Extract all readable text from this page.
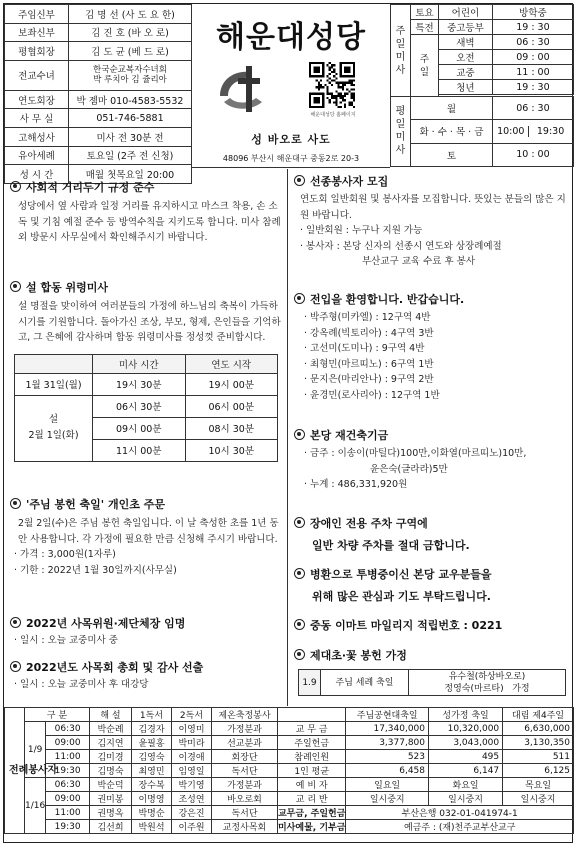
주임신부	김 명 선 (사 도 요 한)
보좌신부	김 진 호 (바 오 로)
평협회장	김 도 균 (베 드 로)
전교수녀	한국순교복자수녀회
박 루치아 김 쥴리아

연도회장	박 젬마 010-4583-5532
사 무 실	051-746-5881
고해성사	미사 전 30분 전
유아세례	토요일 (2주 전 신청)
성 시 간	매월 첫목요일 20:00
해운대성당
해운대성당 홈페이지
성 바오로 사도
48096 부산시 해운대구 중동2로 20-3
주일미사	토요	어린이	방학중
	특전	중고등부	19 : 30

	주일	새벽	06 : 30
		오전	09 : 00
		교중	11 : 00
		청년	19 : 30

평일미사	월		06 : 30
	화 · 수 · 목 · 금		10:00 19:30
	토		10 : 00
사회적 거리두기 규정 준수
성당에서 옆 사람과 일정 거리를 유지하시고 마스크 착용, 손 소독 및 기침 예절 준수 등 방역수칙을 지키도록 합니다. 미사 참례 외 방문시 사무실에서 확인해주시기 바랍니다.
설 합동 위령미사
설 명절을 맞이하여 여러분들의 가정에 하느님의 축복이 가득하시기를 기원합니다. 돌아가신 조상, 부모, 형제, 은인들을 기억하고, 그 은혜에 감사하며 합동 위령미사를 정성껏 준비합시다.
	미사 시간	연도 시작
1월 31일(월)	19시 30분	19시 00분

설
2월 1일(화)	06시 30분	06시 00분
	09시 00분	08시 30분
	11시 00분	10시 30분
'주님 봉헌 축일' 개인초 주문
2월 2일(수)은 주님 봉헌 축일입니다. 이 날 축성한 초를 1년 동안 사용합니다. 각 가정에 필요한 만큼 신청해 주시기 바랍니다.
· 가격 : 3,000원(1자루)
· 기한 : 2022년 1월 30일까지(사무실)
2022년 사목위원·제단체장 임명
· 일시 : 오늘 교중미사 중
2022년도 사목회 총회 및 감사 선출
· 일시 : 오늘 교중미사 후 대강당
선종봉사자 모집
연도회 일반회원 및 봉사자를 모집합니다. 뜻있는 분들의 많은 지원 바랍니다.
· 일반회원 : 누구나 지원 가능
· 봉사자 : 본당 신자의 선종시 연도와 상장례예절
부산교구 교육 수료 후 봉사
전입을 환영합니다. 반갑습니다.
· 박주형(미카엘) : 12구역 4반
· 강옥례(빅토리아) : 4구역 3반
· 고선미(도미나) : 9구역 4반
· 최형민(마르띠노) : 6구역 1반
· 문지은(마리안나) : 9구역 2반
· 윤경민(로사리아) : 12구역 1반
본당 재건축기금
· 금주 : 이송이(마틸다)100만,이화열(마르띠노)10만,
윤은숙(글라라)5만
· 누계 : 486,331,920원
장애인 전용 주차 구역에
일반 차량 주차를 절대 금합니다.
병환으로 투병중이신 본당 교우분들을
위해 많은 관심과 기도 부탁드립니다.
중동 이마트 마일리지 적립번호 : 0221
제대초·꽃 봉헌 가정
1.9	주님 세례 축일	
유수철(하상바오로)
정영숙(마르타) 가정
전례봉사자	구 분		해 설	1독서	2독서	제온축정봉사		주님공현대축일	성가정 축일	대림 제4주일
	1/9	06:30	박순례	김경자	이영미	가정분과	교 무 금	17,340,000	10,320,000	6,630,000
		09:00	김지연	윤필홍	박미라	선교분과	주일헌금	3,377,800	3,043,000	3,130,350
		11:00	김미경	김영숙	이경애	회장단	참례인원	523	495	511
		19:30	김명숙	최영민	임영일	독서단	1인 평균	6,458	6,147	6,125
	1/16	06:30	박순덕	장수복	박기영	가정분과	예 비 자	일요일	화요일	목요일
		09:00	권미봉	이명영	조성연	바오로회	교 리 반	일시중지	일시중지	일시중지
		11:00	권명옥	박명순	강은진	독서단	교무금, 주일헌금	부산은행 032-01-041974-1		
		19:30	김선희	박원석	이주원	교정사목회	미사예물, 기부금	예금주 : (재)천주교부산교구		
